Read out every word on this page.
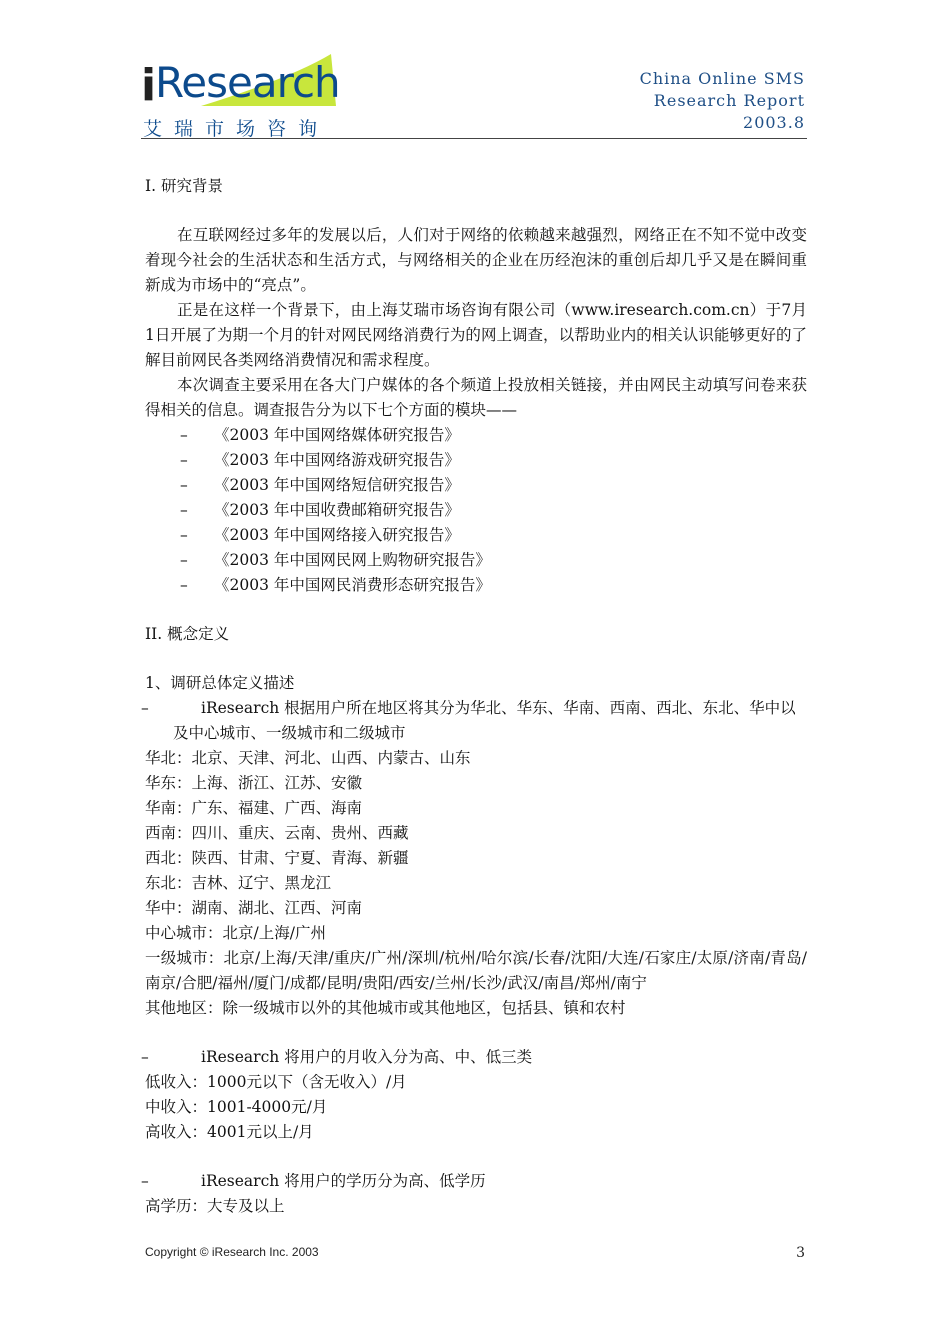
i
Research
艾瑞市场咨询
China Online SMS
Research Report
2003.8
I. 研究背景
在互联网经过多年的发展以后，人们对于网络的依赖越来越强烈，网络正在不知不觉中改变着现今社会的生活状态和生活方式，与网络相关的企业在历经泡沫的重创后却几乎又是在瞬间重新成为市场中的“亮点”。
正是在这样一个背景下，由上海艾瑞市场咨询有限公司（www.iresearch.com.cn）于7月1日开展了为期一个月的针对网民网络消费行为的网上调查，以帮助业内的相关认识能够更好的了解目前网民各类网络消费情况和需求程度。
本次调查主要采用在各大门户媒体的各个频道上投放相关链接，并由网民主动填写问卷来获得相关的信息。调查报告分为以下七个方面的模块——
– 《2003 年中国网络媒体研究报告》
– 《2003 年中国网络游戏研究报告》
– 《2003 年中国网络短信研究报告》
– 《2003 年中国收费邮箱研究报告》
– 《2003 年中国网络接入研究报告》
– 《2003 年中国网民网上购物研究报告》
– 《2003 年中国网民消费形态研究报告》
II. 概念定义
1、调研总体定义描述
–	iResearch 根据用户所在地区将其分为华北、华东、华南、西南、西北、东北、华中以及中心城市、一级城市和二级城市
华北：北京、天津、河北、山西、内蒙古、山东
华东：上海、浙江、江苏、安徽
华南：广东、福建、广西、海南
西南：四川、重庆、云南、贵州、西藏
西北：陕西、甘肃、宁夏、青海、新疆
东北：吉林、辽宁、黑龙江
华中：湖南、湖北、江西、河南
中心城市：北京/上海/广州
一级城市：北京/上海/天津/重庆/广州/深圳/杭州/哈尔滨/长春/沈阳/大连/石家庄/太原/济南/青岛/南京/合肥/福州/厦门/成都/昆明/贵阳/西安/兰州/长沙/武汉/南昌/郑州/南宁
其他地区：除一级城市以外的其他城市或其他地区，包括县、镇和农村
–	iResearch 将用户的月收入分为高、中、低三类
低收入：1000元以下（含无收入）/月
中收入：1001-4000元/月
高收入：4001元以上/月
–	iResearch 将用户的学历分为高、低学历
高学历：大专及以上
Copyright © iResearch Inc. 2003	3
